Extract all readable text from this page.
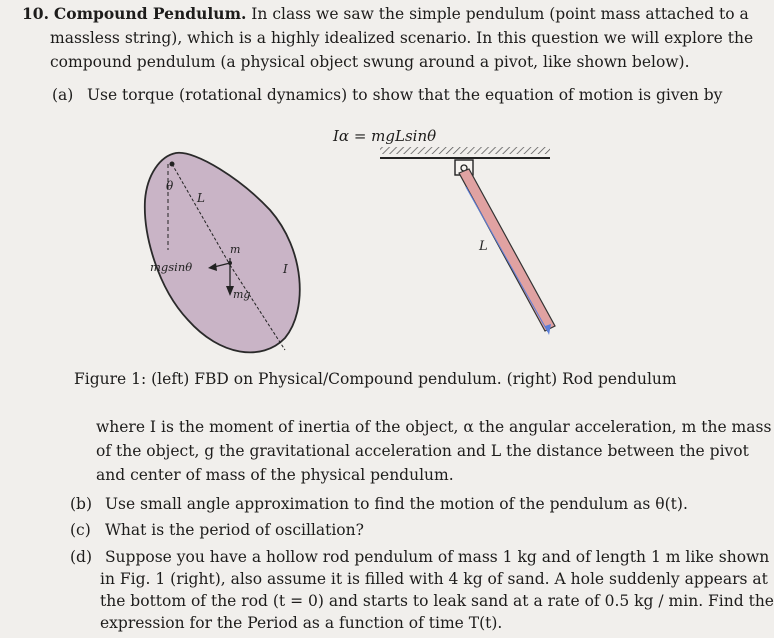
10. Compound Pendulum. In class we saw the simple pendulum (point mass attached to a
massless string), which is a highly idealized scenario. In this question we will explore the
compound pendulum (a physical object swung around a pivot, like shown below).
(a) Use torque (rotational dynamics) to show that the equation of motion is given by
Iα = mgLsinθ
θ
L
m
mgsinθ
mg
I
L
Figure 1: (left) FBD on Physical/Compound pendulum. (right) Rod pendulum
where I is the moment of inertia of the object, α the angular acceleration, m the mass
of the object, g the gravitational acceleration and L the distance between the pivot
and center of mass of the physical pendulum.
(b) Use small angle approximation to find the motion of the pendulum as θ(t).
(c) What is the period of oscillation?
(d) Suppose you have a hollow rod pendulum of mass 1 kg and of length 1 m like shown
in Fig. 1 (right), also assume it is filled with 4 kg of sand. A hole suddenly appears at
the bottom of the rod (t = 0) and starts to leak sand at a rate of 0.5 kg / min. Find the
expression for the Period as a function of time T(t).
